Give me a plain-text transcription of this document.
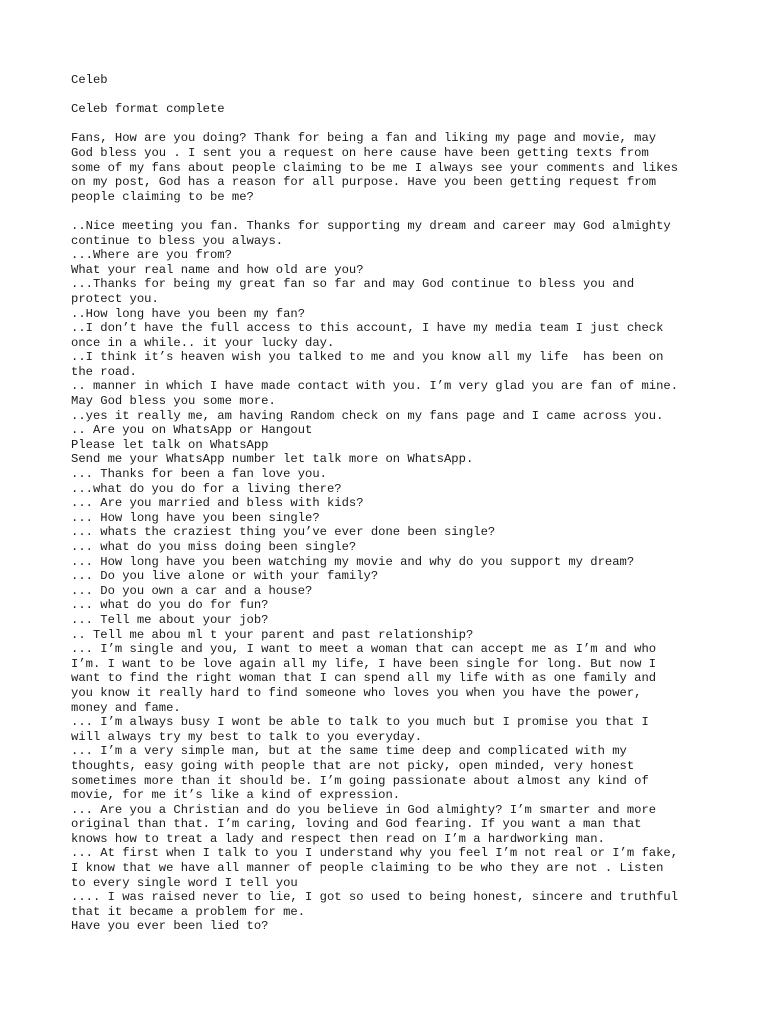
Celeb
Celeb format complete
Fans, How are you doing? Thank for being a fan and liking my page and movie, may
God bless you . I sent you a request on here cause have been getting texts from
some of my fans about people claiming to be me I always see your comments and likes
on my post, God has a reason for all purpose. Have you been getting request from
people claiming to be me?
..Nice meeting you fan. Thanks for supporting my dream and career may God almighty
continue to bless you always.
...Where are you from?
What your real name and how old are you?
...Thanks for being my great fan so far and may God continue to bless you and
protect you.
..How long have you been my fan?
..I don’t have the full access to this account, I have my media team I just check
once in a while.. it your lucky day.
..I think it’s heaven wish you talked to me and you know all my life  has been on
the road.
.. manner in which I have made contact with you. I’m very glad you are fan of mine.
May God bless you some more.
..yes it really me, am having Random check on my fans page and I came across you.
.. Are you on WhatsApp or Hangout
Please let talk on WhatsApp
Send me your WhatsApp number let talk more on WhatsApp.
... Thanks for been a fan love you.
...what do you do for a living there?
... Are you married and bless with kids?
... How long have you been single?
... whats the craziest thing you’ve ever done been single?
... what do you miss doing been single?
... How long have you been watching my movie and why do you support my dream?
... Do you live alone or with your family?
... Do you own a car and a house?
... what do you do for fun?
... Tell me about your job?
.. Tell me abou ml t your parent and past relationship?
... I’m single and you, I want to meet a woman that can accept me as I’m and who
I’m. I want to be love again all my life, I have been single for long. But now I
want to find the right woman that I can spend all my life with as one family and
you know it really hard to find someone who loves you when you have the power,
money and fame.
... I’m always busy I wont be able to talk to you much but I promise you that I
will always try my best to talk to you everyday.
... I’m a very simple man, but at the same time deep and complicated with my
thoughts, easy going with people that are not picky, open minded, very honest
sometimes more than it should be. I’m going passionate about almost any kind of
movie, for me it’s like a kind of expression.
... Are you a Christian and do you believe in God almighty? I’m smarter and more
original than that. I’m caring, loving and God fearing. If you want a man that
knows how to treat a lady and respect then read on I’m a hardworking man.
... At first when I talk to you I understand why you feel I’m not real or I’m fake,
I know that we have all manner of people claiming to be who they are not . Listen
to every single word I tell you
.... I was raised never to lie, I got so used to being honest, sincere and truthful
that it became a problem for me.
Have you ever been lied to?
